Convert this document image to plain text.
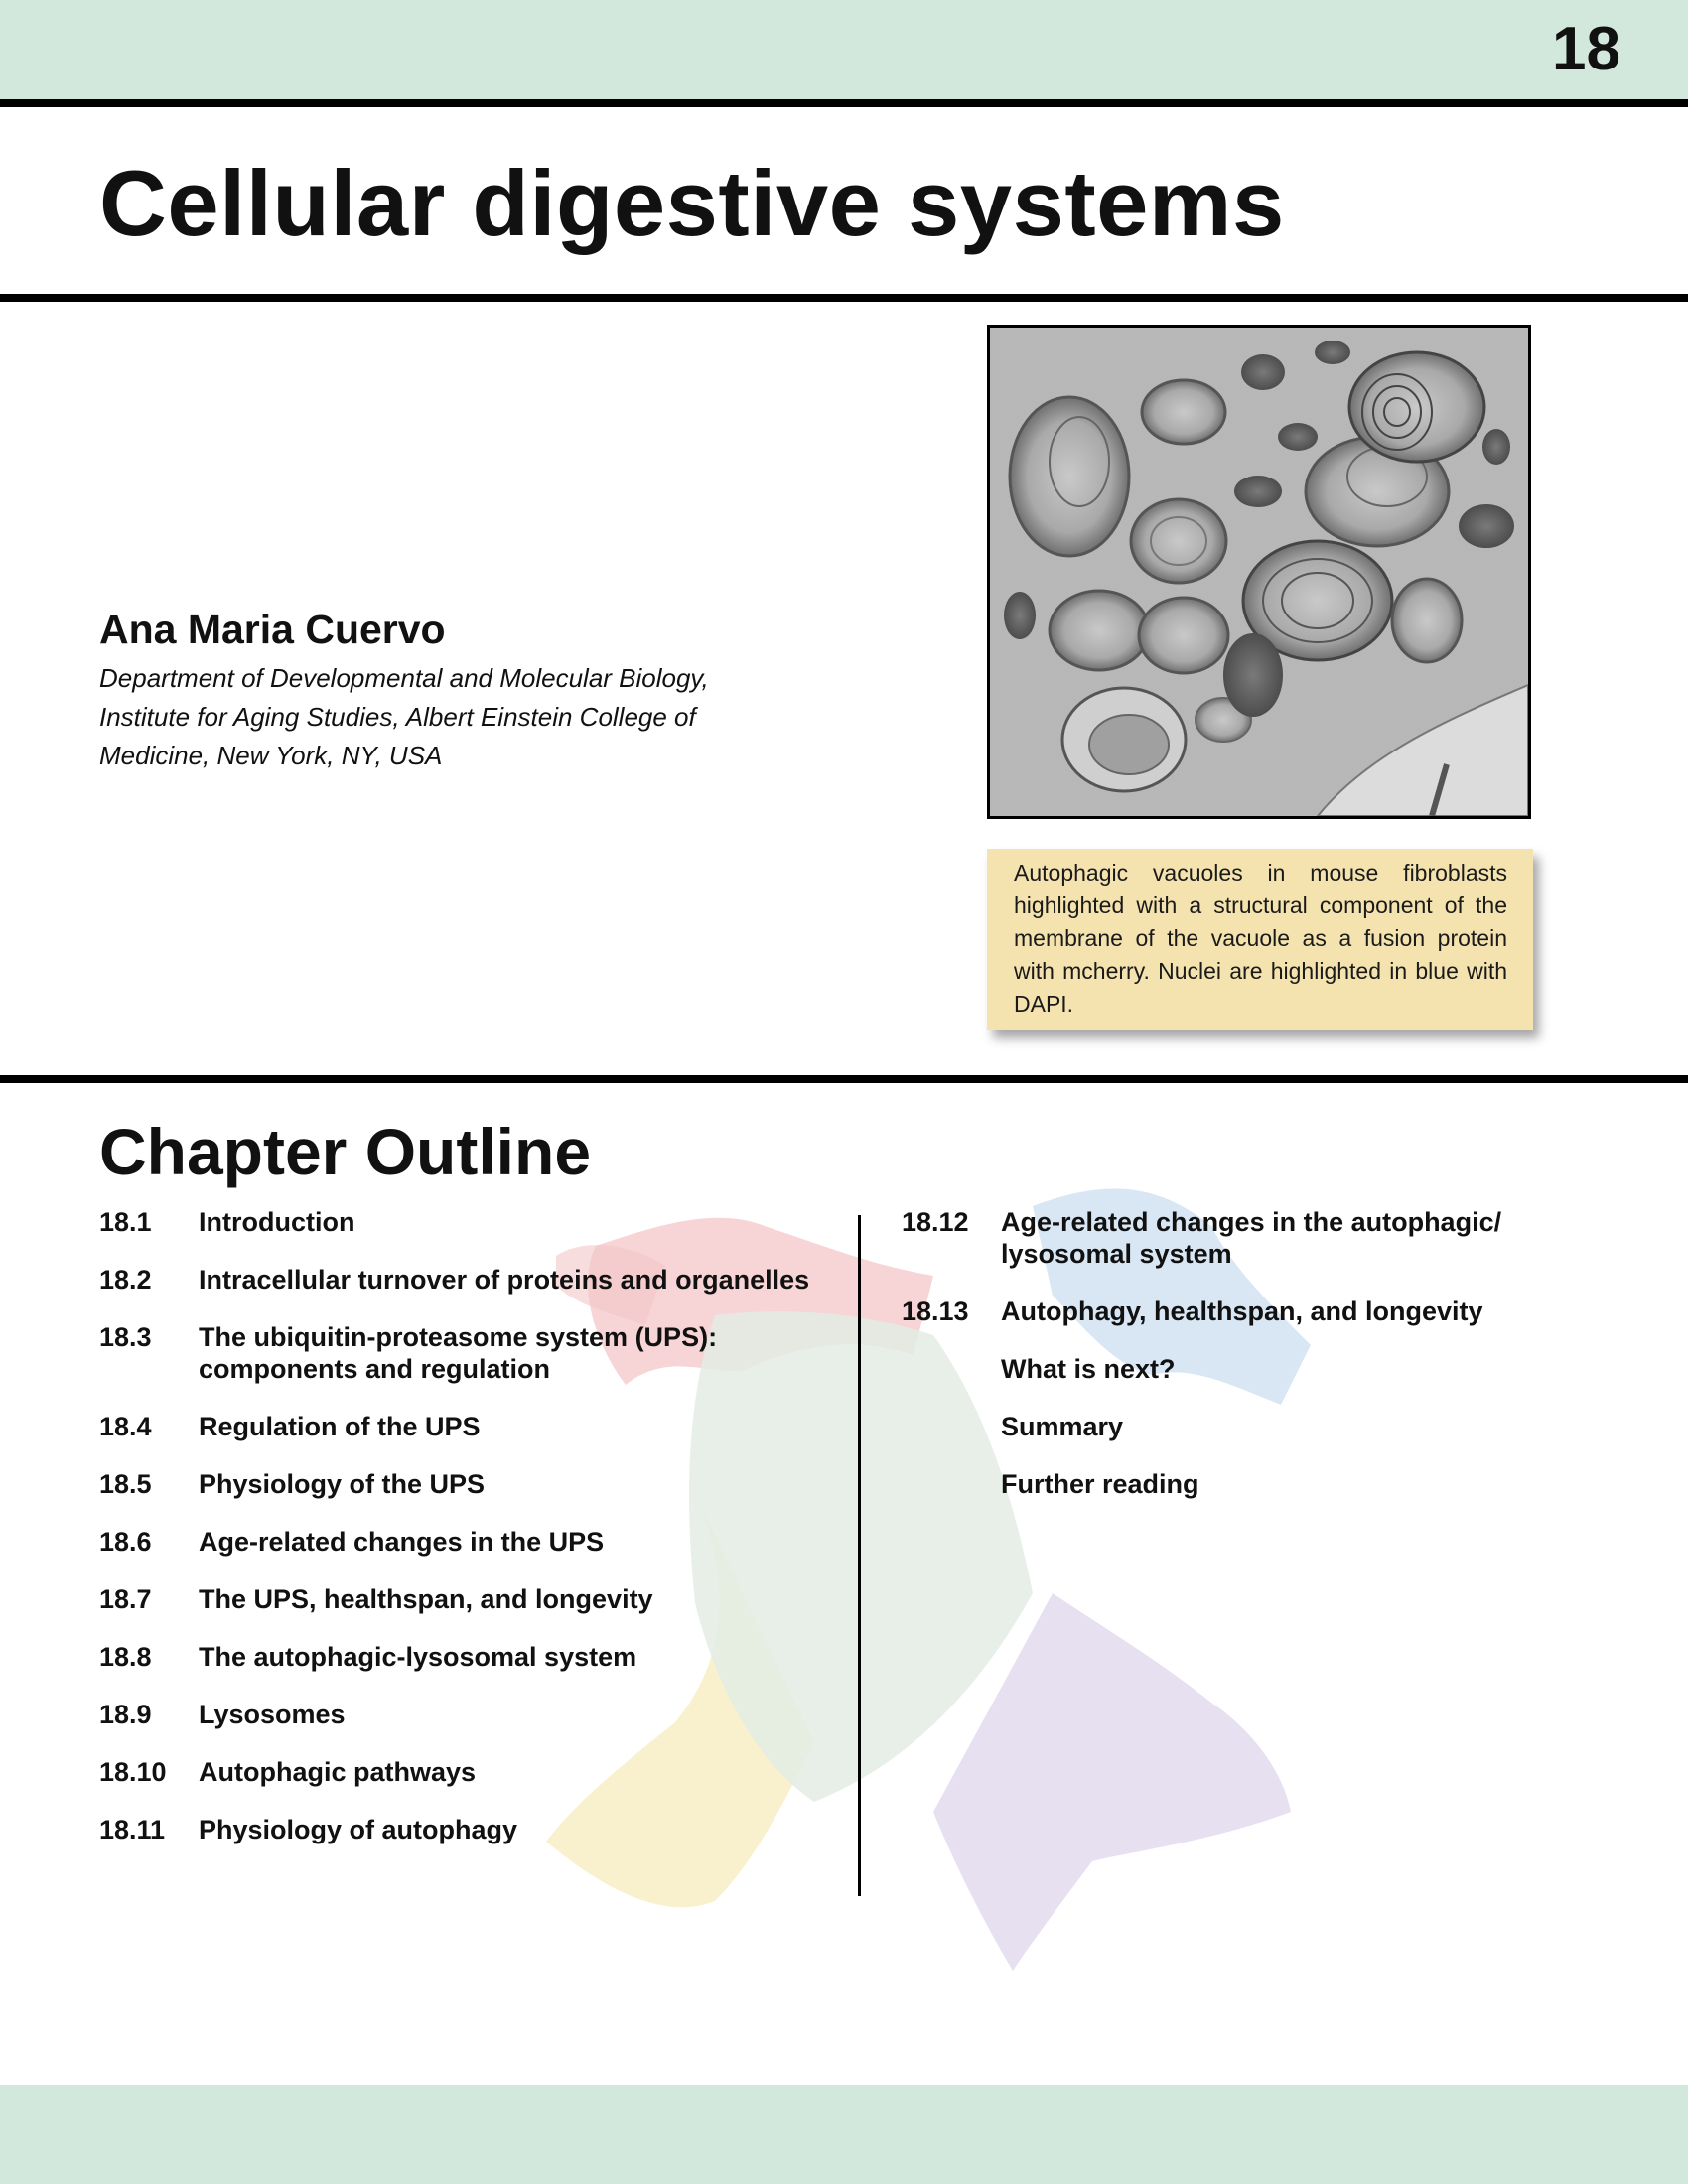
18
Cellular digestive systems
Ana Maria Cuervo
Department of Developmental and Molecular Biology, Institute for Aging Studies, Albert Einstein College of Medicine, New York, NY, USA
Autophagic vacuoles in mouse fibroblasts highlighted with a structural component of the membrane of the vacuole as a fusion protein with mcherry. Nuclei are highlighted in blue with DAPI.
Chapter Outline
18.1	Introduction
18.2	Intracellular turnover of proteins and organelles
18.3	The ubiquitin-proteasome system (UPS): components and regulation
18.4	Regulation of the UPS
18.5	Physiology of the UPS
18.6	Age-related changes in the UPS
18.7	The UPS, healthspan, and longevity
18.8	The autophagic-lysosomal system
18.9	Lysosomes
18.10	Autophagic pathways
18.11	Physiology of autophagy
18.12	Age-related changes in the autophagic/ lysosomal system
18.13	Autophagy, healthspan, and longevity
What is next?
Summary
Further reading
